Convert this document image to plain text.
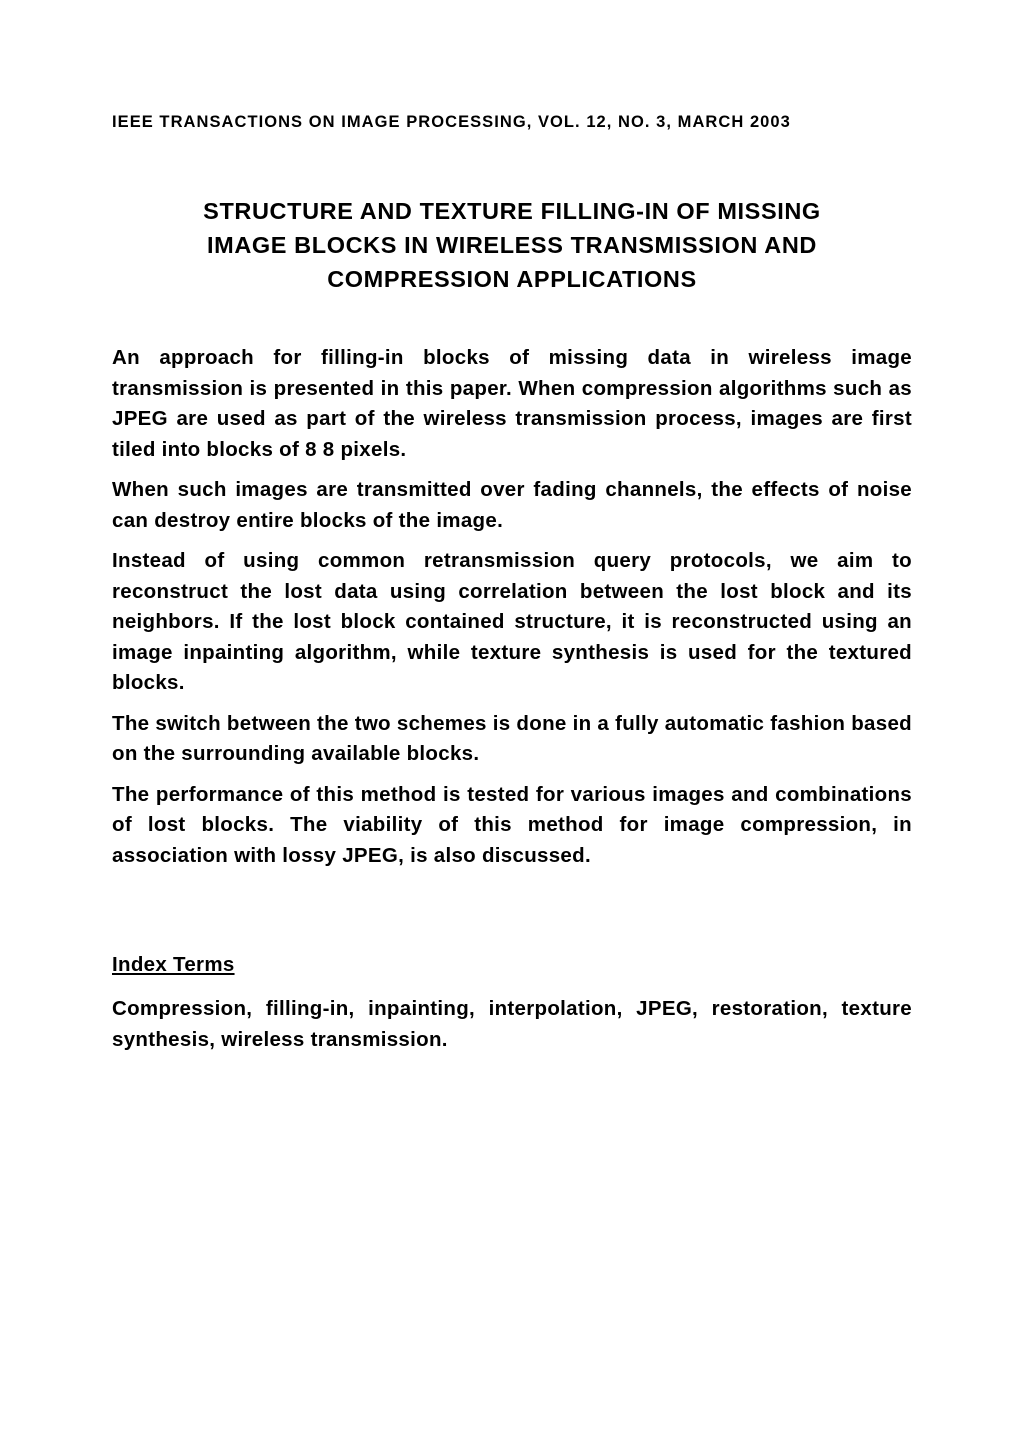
IEEE TRANSACTIONS ON IMAGE PROCESSING, VOL. 12, NO. 3, MARCH 2003
STRUCTURE AND TEXTURE FILLING-IN OF MISSING
IMAGE BLOCKS IN WIRELESS TRANSMISSION AND
COMPRESSION APPLICATIONS

An approach for filling-in blocks of missing data in wireless image transmission is presented in this paper. When compression algorithms such as JPEG are used as part of the wireless transmission process, images are first tiled into blocks of 8 8 pixels.

When such images are transmitted over fading channels, the effects of noise can destroy entire blocks of the image.

Instead of using common retransmission query protocols, we aim to reconstruct the lost data using correlation between the lost block and its neighbors. If the lost block contained structure, it is reconstructed using an image inpainting algorithm, while texture synthesis is used for the textured blocks.

The switch between the two schemes is done in a fully automatic fashion based on the surrounding available blocks.

The performance of this method is tested for various images and combinations of lost blocks. The viability of this method for image compression, in association with lossy JPEG, is also discussed.

Index Terms

Compression, filling-in, inpainting, interpolation, JPEG, restoration, texture synthesis, wireless transmission.
